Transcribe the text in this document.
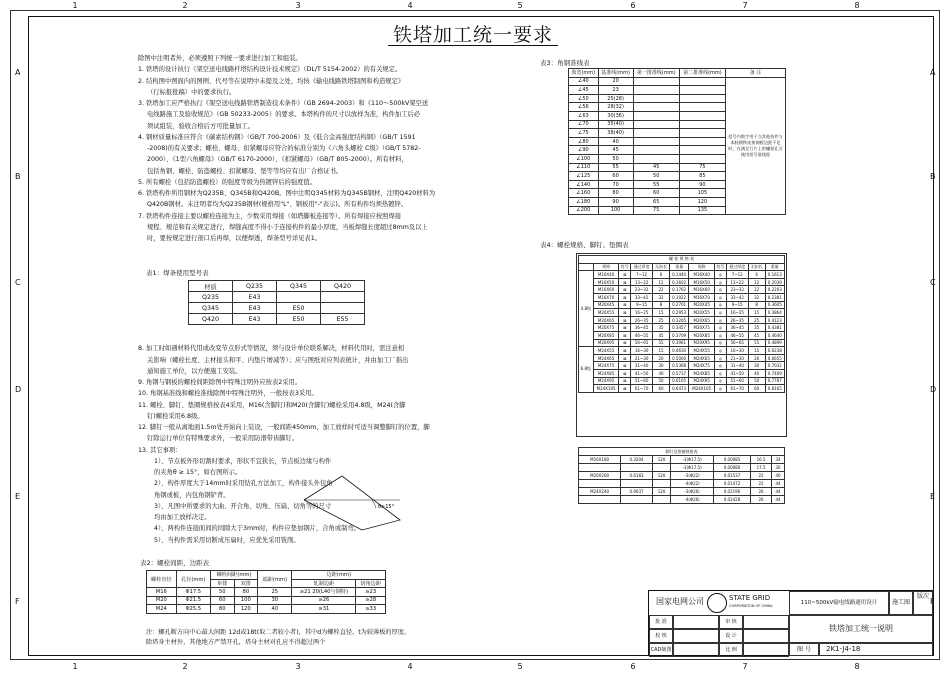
1	2	3	4	5	6	7	8
1	2	3	4	5	6	7	8
A
B
C
D
E
F
A
B
C
D
E
F
铁塔加工统一要求

除图中注明者外，必须遵照下列统一要求进行加工和组装。

1. 铁塔的设计执行《架空送电线路杆塔结构设计技术规定》（DL/T 5154-2002）的有关规定。

2. 结构图中图面内的图例、代号等在说明中未提及之处，均按《输电线路铁塔制图和构造规定》

（行标报批稿）中的要求执行。

3. 铁塔加工应严格执行《架空送电线路铁塔制造技术条件》（GB 2694-2003）和《110～500kV架空送

电线路施工及验收规范》（GB 50233-2005）的要求。本塔构件的尺寸以放样为准，构件加工后必

须试组装，验收合格后方可批量加工。

4. 钢材质量标准应符合《碳素结构钢》（GB/T 700-2006）及《低合金高强度结构钢》（GB/T 1591

-2008)的有关要求；螺栓、螺母、扣紧螺母应符合的标准分别为《六角头螺栓 C级》（GB/T 5782-

2000）、《1型六角螺母》（GB/T 6170-2000）、《扣紧螺母》（GB/T 805-2000）。所有材料，

包括角钢、螺栓、防盗螺栓、扣紧螺母、垫等等均应有出厂合格证书。

5. 所有螺栓（包括防盗螺栓）的强度等级为热镀锌后的强度值。

6. 铁塔构件所用钢材为Q235B、Q345B和Q420B。图中注明Q345材料为Q345B钢材，注明Q420材料为

Q420B钢材。未注明者均为Q235B钢材(规格用"L"、钢板用"-"表示)。所有构件均须热镀锌。

7. 铁塔构件连接主要以螺栓连接为主，少数采用焊接（如塔脚板连接等）。所有焊接应按照焊接

规程、规范和有关规定进行，焊缝高度不得小于连接构件的最小厚度，当板焊缝长度超过8mm及以上

时，要按规定进行剖口后再焊，以便焊透，焊条型号详见表1。

8. 加工时如遇材料代用或改变节点形式等情况，须与设计单位联系解决，材料代用时，需注意相

关影响（螺栓长度、主材接头和平、内垫片增减等）；应与图纸对应列表统计，并由加工厂指出

通知施工单位，以方便施工安装。

9. 角钢与钢板的螺栓间距除图中特殊注明外应按表2采用。

10. 角钢基准线和螺栓准线除图中特殊注明外，一般按表3采用。

11. 螺栓、脚钉、垫圈规格按表4采用，M16(含脚钉)和M20(含脚钉)螺栓采用4.8级，M24(含脚

钉)螺栓采用6.8级。

12. 脚钉一般从离地面1.5m处开始向上装设，一般间距450mm，加工放样时可适当调整脚钉的位置，脚

钉除运行单位有特殊要求外，一般采用防滑带齿脚钉。

13. 其它事项：

1）、节点板外形切割时要求，形状不宜狭长，节点板边缘与构件

的夹角θ ≥ 15°，如右图所示。

2）、构件厚度大于14mm时采用钻孔方法加工，构件接头外包角

角钢或板，内包角钢铲背。

3）、凡图中所要求的大曲、开合角、切角、压扁、切角等的尺寸

均由加工放样决定。

4）、两构件连接面间的间隙大于3mm时，构件应垫加钢片，合角或制弯。

5）、当构件需采用切断成压扁时，应优先采用铣削。

表1：焊条使用型号表
材质	Q235	Q345	Q420
Q235	E43		
Q345	E43	E50	
Q420	E43	E50	E55
θ≥15°
表2：螺栓间距、边距表
螺栓直径	孔径(mm)	螺栓间距(mm)		端距(mm)	边距(mm)	
		单排	双排		轧制边距	切角边距
M16	Φ17.5	50	80	25	≥21 20(L40与钢特)	≥23
M20	Φ21.5	60	100	30	≥26	≥28
M24	Φ25.5	80	120	40	≥31	≥33
注：螺孔断方向中心最大间距 12d或18t(取二者较小者)，其中d为螺栓直径，t为较薄板的厚度。
除塔身主材外，其他地方严禁开孔，塔身主材对孔应不得超过两个
表3：角钢准线表
肢宽(mm)	基准线(mm)	第一排准线(mm)	第二排准线(mm)	备 注
∠40	20			括号内数字用于当其他构件与本肢钢铁连接钢板边距不足时，在满足行片上的螺栓孔可使用括号准线距
∠45	23			
∠50	25(28)			
∠56	28(32)			
∠63	30(36)			
∠70	35(40)			
∠75	38(40)			
∠80	40			
∠90	45			
∠100	50			
∠110	55	45	75	
∠125	60	50	85	
∠140	70	55	90	
∠160	80	60	105	
∠180	90	65	120	
∠200	100	75	135	
表4：螺栓规格、脚钉、垫圈表
螺 栓 规 格 表										
	规格	符号	通过厚度	无扣长	重量	规格	符号	通过厚度	无扣长	重量
4.8级	M16X40	⊠	7~12	6	0.1440	M16X40	◎	7~12	6	0.1613
	M16X50	⊠	13~22	12	0.1602	M16X50	◎	13~22	12	0.2039
	M16X60	⊠	23~32	22	0.1762	M16X60	◎	23~32	22	0.2203
	M16X70	⊠	33~42	32	0.1922	M16X70	◎	33~42	32	0.2381
	M20X45	⊠	9~15	8	0.2701	M20X45	◎	9~15	8	0.3605
	M20X55	⊠	16~25	15	0.2953	M20X55	◎	16~25	15	0.3864
	M20X65	⊠	26~35	25	0.3205	M20X65	◎	26~35	25	0.4123
	M20X75	⊠	36~45	35	0.3457	M20X75	◎	36~45	35	0.4381
	M20X85	⊠	46~55	45	0.3709	M20X85	◎	46~55	45	0.4640
	M20X95	⊠	56~65	55	0.3961	M20X95	◎	56~65	55	0.4899
6.8级	M24X55	⊠	16~30	15	0.4630	M24X55	◎	16~30	15	0.6238
	M24X65	⊠	21~30	20	0.5000	M24X65	◎	21~30	20	0.6655
	M24X75	⊠	31~40	30	0.5368	M24X75	◎	31~40	30	0.7032
	M24X85	⊠	41~50	40	0.5737	M24X85	◎	41~50	40	0.7409
	M24X95	⊠	51~60	50	0.6105	M24X95	◎	51~60	50	0.7787
	M24X105	⊠	61~70	60	0.6473	M24X105	◎	61~70	60	0.8165
脚钉及垫圈规格表						
M16X180	0.3204	120	-3(Φ17.5)	0.00085	16.5	34
			-3(Φ17.5)	0.00080	17.5	30
M20X200	0.6183	120	-3(Φ22)	0.01537	22	40
			-4(Φ22)	0.01472	22	44
M24X240	0.9037	120	-3(Φ26)	0.02196	26	44
			-4(Φ26)	0.02428	26	44
国家电网公司	STATE GRID
CORPORATION OF CHINA	110~500kV输电线路通用设计	施工图
版次
批 准	审 核
校 核	设 计
CAD制图	比 例
铁塔加工统一说明
图 号	2K1-J4-18
